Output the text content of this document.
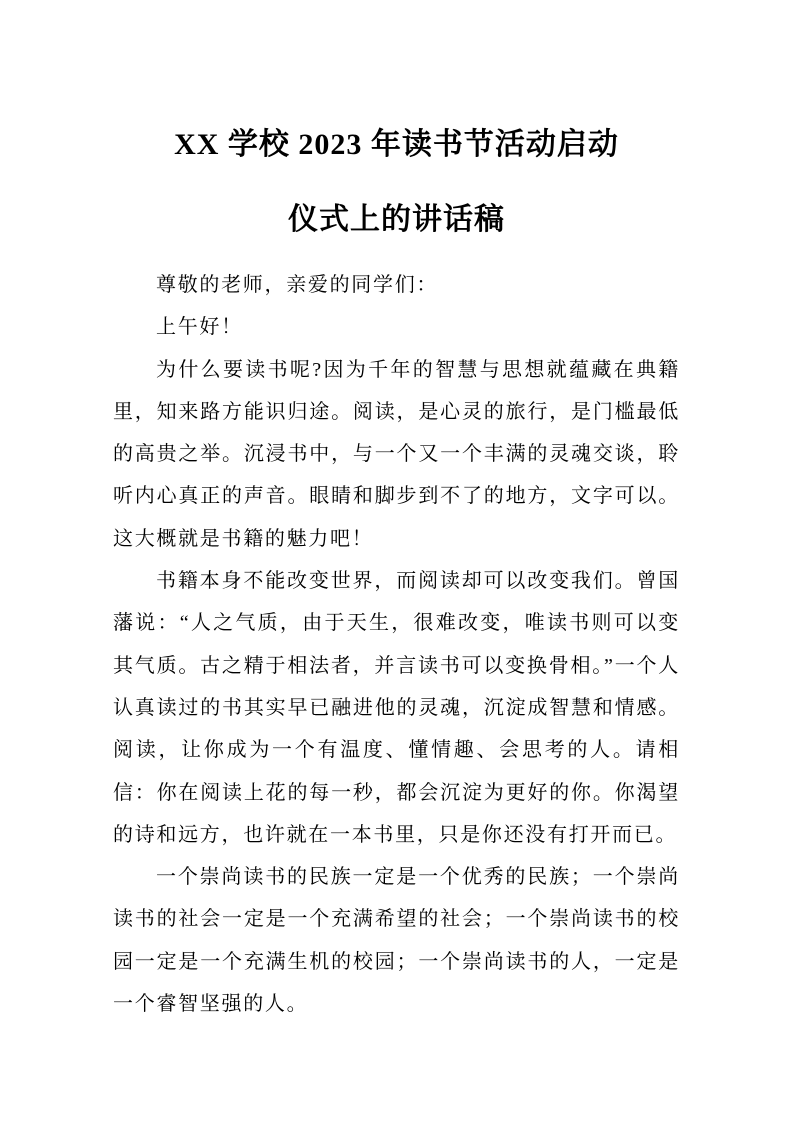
XX 学校 2023 年读书节活动启动
仪式上的讲话稿

尊敬的老师，亲爱的同学们：

上午好！

为什么要读书呢?因为千年的智慧与思想就蕴藏在典籍里，知来路方能识归途。阅读，是心灵的旅行，是门槛最低的高贵之举。沉浸书中，与一个又一个丰满的灵魂交谈，聆听内心真正的声音。眼睛和脚步到不了的地方，文字可以。这大概就是书籍的魅力吧！

书籍本身不能改变世界，而阅读却可以改变我们。曾国藩说：“人之气质，由于天生，很难改变，唯读书则可以变其气质。古之精于相法者，并言读书可以变换骨相。”一个人认真读过的书其实早已融进他的灵魂，沉淀成智慧和情感。阅读，让你成为一个有温度、懂情趣、会思考的人。请相信：你在阅读上花的每一秒，都会沉淀为更好的你。你渴望的诗和远方，也许就在一本书里，只是你还没有打开而已。

一个崇尚读书的民族一定是一个优秀的民族；一个崇尚读书的社会一定是一个充满希望的社会；一个崇尚读书的校园一定是一个充满生机的校园；一个崇尚读书的人，一定是一个睿智坚强的人。
